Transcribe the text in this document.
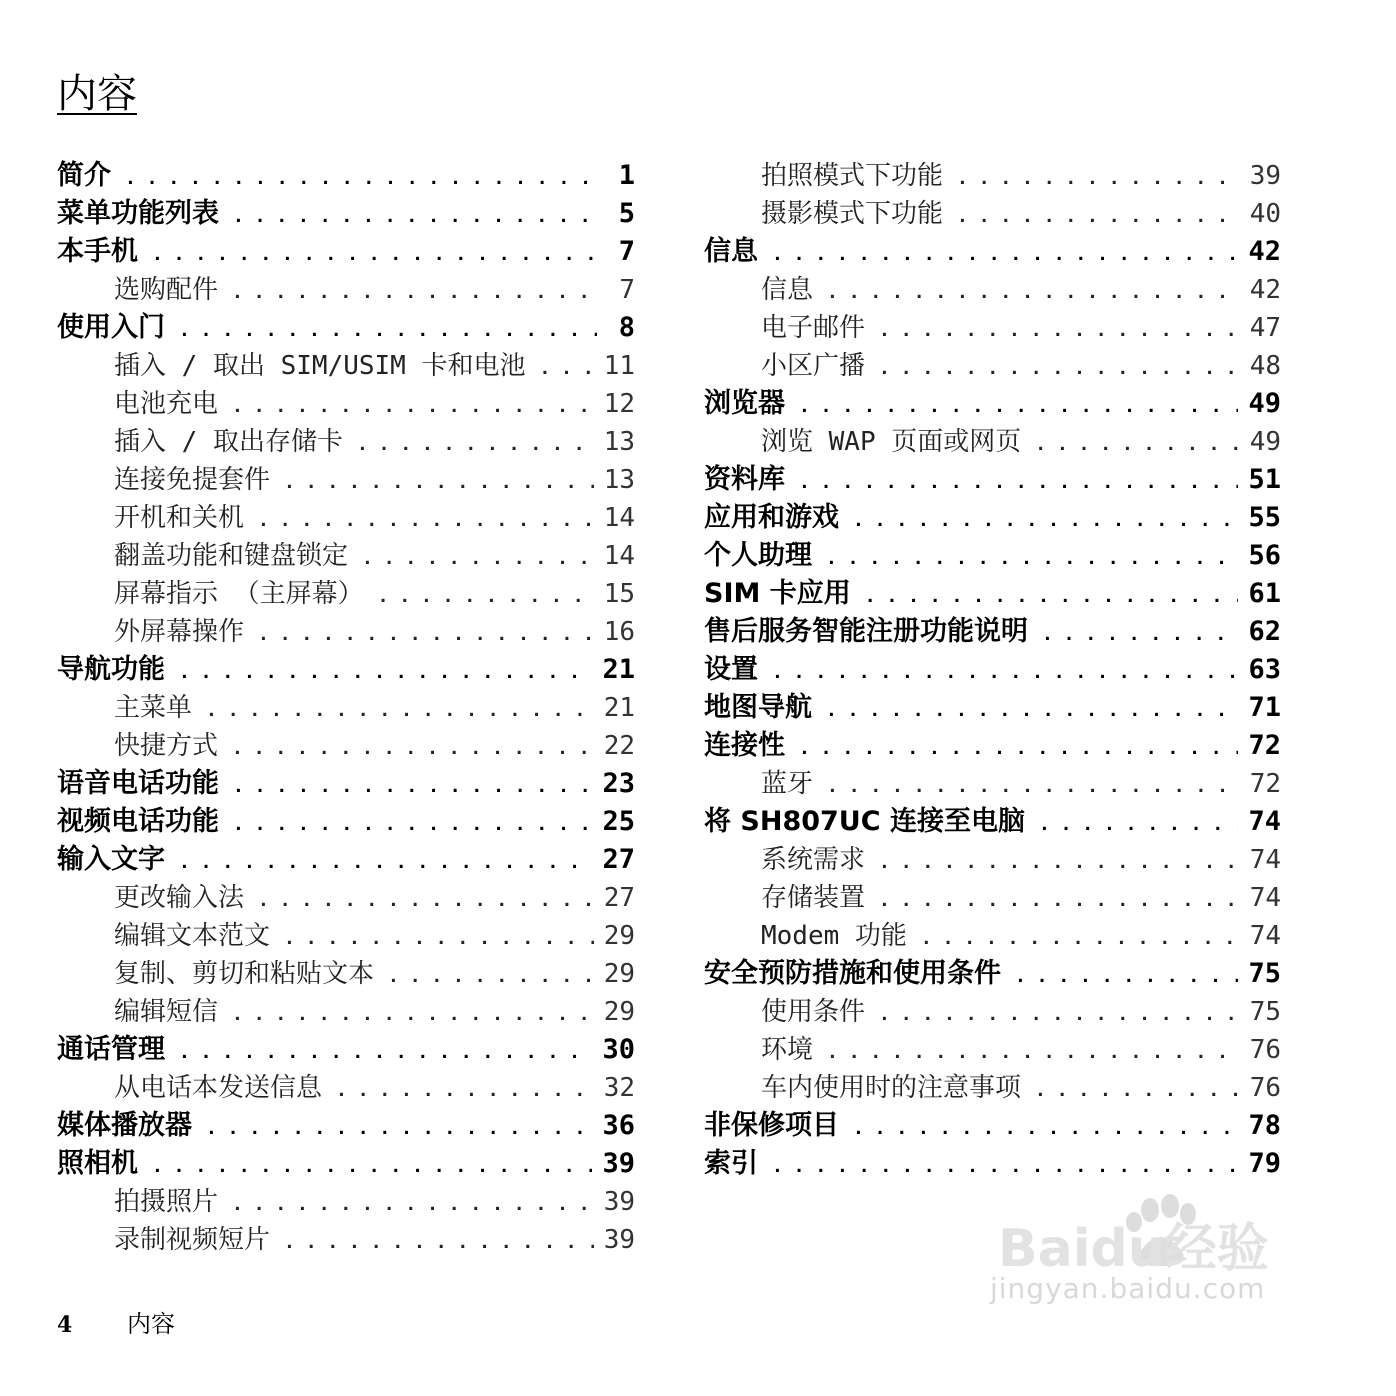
内容
简介 . . .	1
菜单功能列表 . . .	5
本手机 . . .	7
选购配件 . . .	7
使用入门 . . .	8
插入 / 取出 SIM/USIM 卡和电池 . . .	11
电池充电 . . .	12
插入 / 取出存储卡 . . .	13
连接免提套件 . . .	13
开机和关机 . . .	14
翻盖功能和键盘锁定 . . .	14
屏幕指示 （主屏幕） . . .	15
外屏幕操作 . . .	16
导航功能 . . .	21
主菜单 . . .	21
快捷方式 . . .	22
语音电话功能 . . .	23
视频电话功能 . . .	25
输入文字 . . .	27
更改输入法 . . .	27
编辑文本范文 . . .	29
复制、剪切和粘贴文本 . . .	29
编辑短信 . . .	29
通话管理 . . .	30
从电话本发送信息 . . .	32
媒体播放器 . . .	36
照相机 . . .	39
拍摄照片 . . .	39
录制视频短片 . . .	39
拍照模式下功能 . . .	39
摄影模式下功能 . . .	40
信息 . . .	42
信息 . . .	42
电子邮件 . . .	47
小区广播 . . .	48
浏览器 . . .	49
浏览 WAP 页面或网页 . . .	49
资料库 . . .	51
应用和游戏 . . .	55
个人助理 . . .	56
SIM 卡应用 . . .	61
售后服务智能注册功能说明 . . .	62
设置 . . .	63
地图导航 . . .	71
连接性 . . .	72
蓝牙 . . .	72
将 SH807UC 连接至电脑 . . .	74
系统需求 . . .	74
存储装置 . . .	74
Modem 功能 . . .	74
安全预防措施和使用条件 . . .	75
使用条件 . . .	75
环境 . . .	76
车内使用时的注意事项 . . .	76
非保修项目 . . .	78
索引 . . .	79
4	内容
Baidu经验
jingyan.baidu.com
